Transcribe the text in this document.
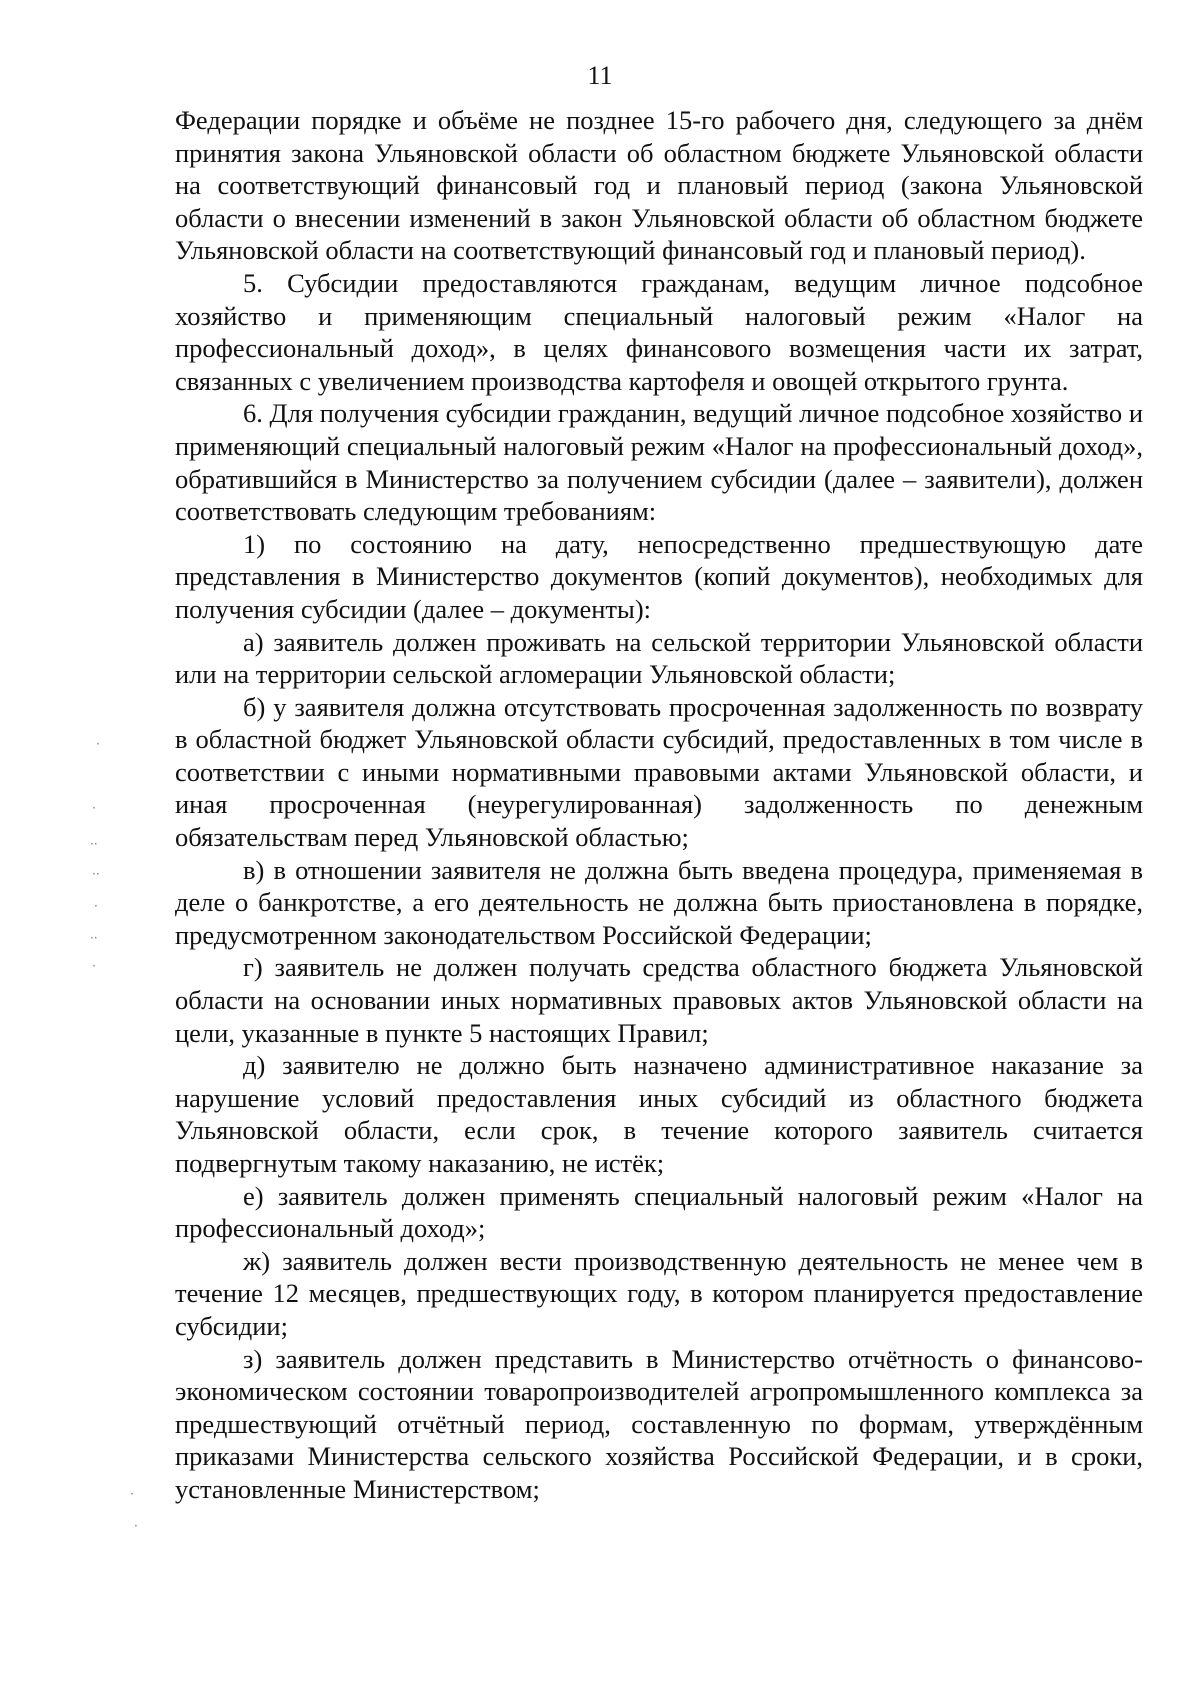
11

Федерации порядке и объёме не позднее 15-го рабочего дня, следующего за днём принятия закона Ульяновской области об областном бюджете Ульяновской области на соответствующий финансовый год и плановый период (закона Ульяновской области о внесении изменений в закон Ульяновской области об областном бюджете Ульяновской области на соответствующий финансовый год и плановый период).

5. Субсидии предоставляются гражданам, ведущим личное подсобное хозяйство и применяющим специальный налоговый режим «Налог на профессиональный доход», в целях финансового возмещения части их затрат, связанных с увеличением производства картофеля и овощей открытого грунта.

6. Для получения субсидии гражданин, ведущий личное подсобное хозяйство и применяющий специальный налоговый режим «Налог на профессиональный доход», обратившийся в Министерство за получением субсидии (далее – заявители), должен соответствовать следующим требованиям:

1) по состоянию на дату, непосредственно предшествующую дате представления в Министерство документов (копий документов), необходимых для получения субсидии (далее – документы):

а) заявитель должен проживать на сельской территории Ульяновской области или на территории сельской агломерации Ульяновской области;

б) у заявителя должна отсутствовать просроченная задолженность по возврату в областной бюджет Ульяновской области субсидий, предоставленных в том числе в соответствии с иными нормативными правовыми актами Ульяновской области, и иная просроченная (неурегулированная) задолженность по денежным обязательствам перед Ульяновской областью;

в) в отношении заявителя не должна быть введена процедура, применяемая в деле о банкротстве, а его деятельность не должна быть приостановлена в порядке, предусмотренном законодательством Российской Федерации;

г) заявитель не должен получать средства областного бюджета Ульяновской области на основании иных нормативных правовых актов Ульяновской области на цели, указанные в пункте 5 настоящих Правил;

д) заявителю не должно быть назначено административное наказание за нарушение условий предоставления иных субсидий из областного бюджета Ульяновской области, если срок, в течение которого заявитель считается подвергнутым такому наказанию, не истёк;

е) заявитель должен применять специальный налоговый режим «Налог на профессиональный доход»;

ж) заявитель должен вести производственную деятельность не менее чем в течение 12 месяцев, предшествующих году, в котором планируется предоставление субсидии;

з) заявитель должен представить в Министерство отчётность о финансово-экономическом состоянии товаропроизводителей агропромышленного комплекса за предшествующий отчётный период, составленную по формам, утверждённым приказами Министерства сельского хозяйства Российской Федерации, и в сроки, установленные Министерством;

·
·
··
··
·
··
·
·
·
